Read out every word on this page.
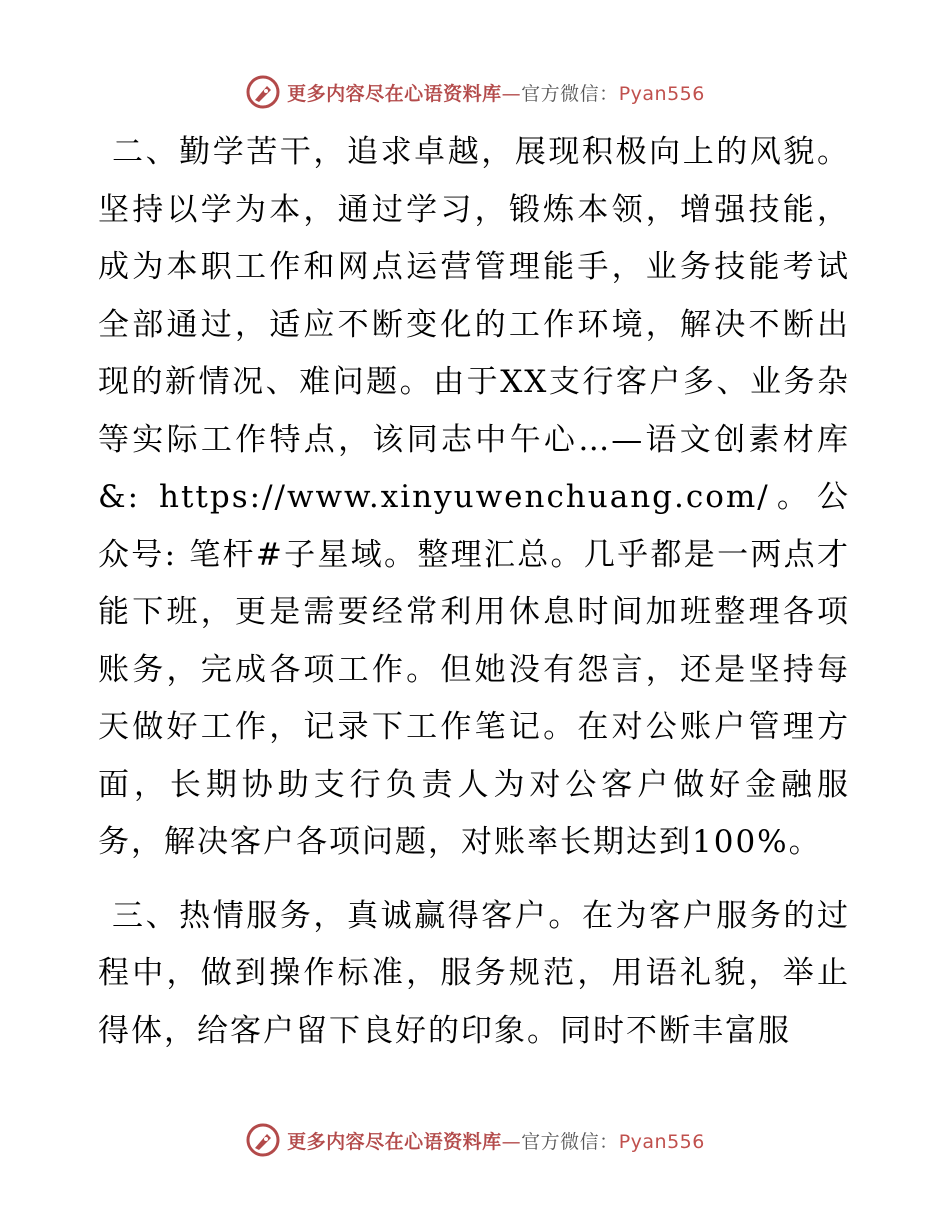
更多内容尽在心语资料库—官方微信：Pyan556

二、勤学苦干，追求卓越，展现积极向上的风貌。坚持以学为本，通过学习，锻炼本领，增强技能，成为本职工作和网点运营管理能手，业务技能考试全部通过，适应不断变化的工作环境，解决不断出现的新情况、难问题。由于XX支行客户多、业务杂等实际工作特点，该同志中午心…—语文创素材库&: https://www.xinyuwenchuang.com/。公众号: 笔杆#子星域。整理汇总。几乎都是一两点才能下班，更是需要经常利用休息时间加班整理各项账务，完成各项工作。但她没有怨言，还是坚持每天做好工作，记录下工作笔记。在对公账户管理方面，长期协助支行负责人为对公客户做好金融服务，解决客户各项问题，对账率长期达到100%。

三、热情服务，真诚赢得客户。在为客户服务的过程中，做到操作标准，服务规范，用语礼貌，举止得体，给客户留下良好的印象。同时不断丰富服

更多内容尽在心语资料库—官方微信：Pyan556
